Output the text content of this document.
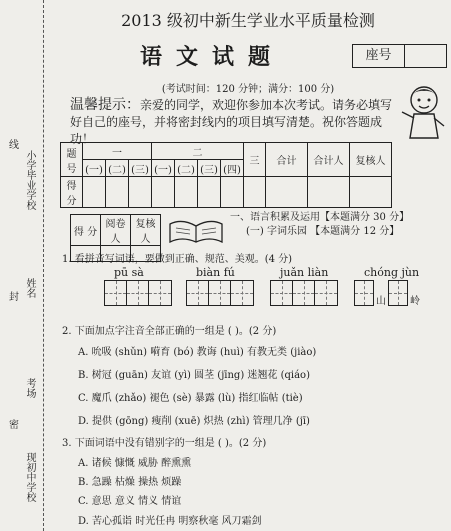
线
小学毕业学校
姓名
封
考场
密
现初中学校
2013 级初中新生学业水平质量检测
语文试题	座号
(考试时间：120 分钟；满分：100 分)
温馨提示：亲爱的同学，欢迎你参加本次考试。请务必填写好自己的座号，并将密封线内的项目填写清楚。祝你答题成功！
题号	一			二				三	合计	合计人	复核人
	(一)	(二)	(三)	(一)	(二)	(三)	(四)				
得分											
得 分	阅卷人	复核人

一、语言积累及运用【本题满分 30 分】
(一) 字词乐园 【本题满分 12 分】
1. 看拼音写词语，要做到正确、规范、美观。(4 分)
pū sà	biàn fú	juǎn liàn	chóng jùn
山 岭
2. 下面加点字注音全部正确的一组是 ( )。(2 分)
A. 吮吸 (shǔn) 嗬育 (bó) 教诲 (huì) 有教无类 (jiào)
B. 树冠 (guān) 友谊 (yì) 圆茎 (jīng) 迷翘花 (qiáo)
C. 魔爪 (zhǎo) 褪色 (sè) 暴露 (lù) 指红临帖 (tiè)
D. 提供 (gōng) 瘦削 (xuē) 炽热 (zhì) 管理几净 (jī)
3. 下面词语中没有错别字的一组是 ( )。(2 分)
A. 诸候 慷慨 威胁 醉熏熏
B. 急躁 枯燥 操热 烦躁
C. 意思 意义 情义 情谊
D. 苦心孤诣 时光任冉 明察秋毫 风刀霜剑
